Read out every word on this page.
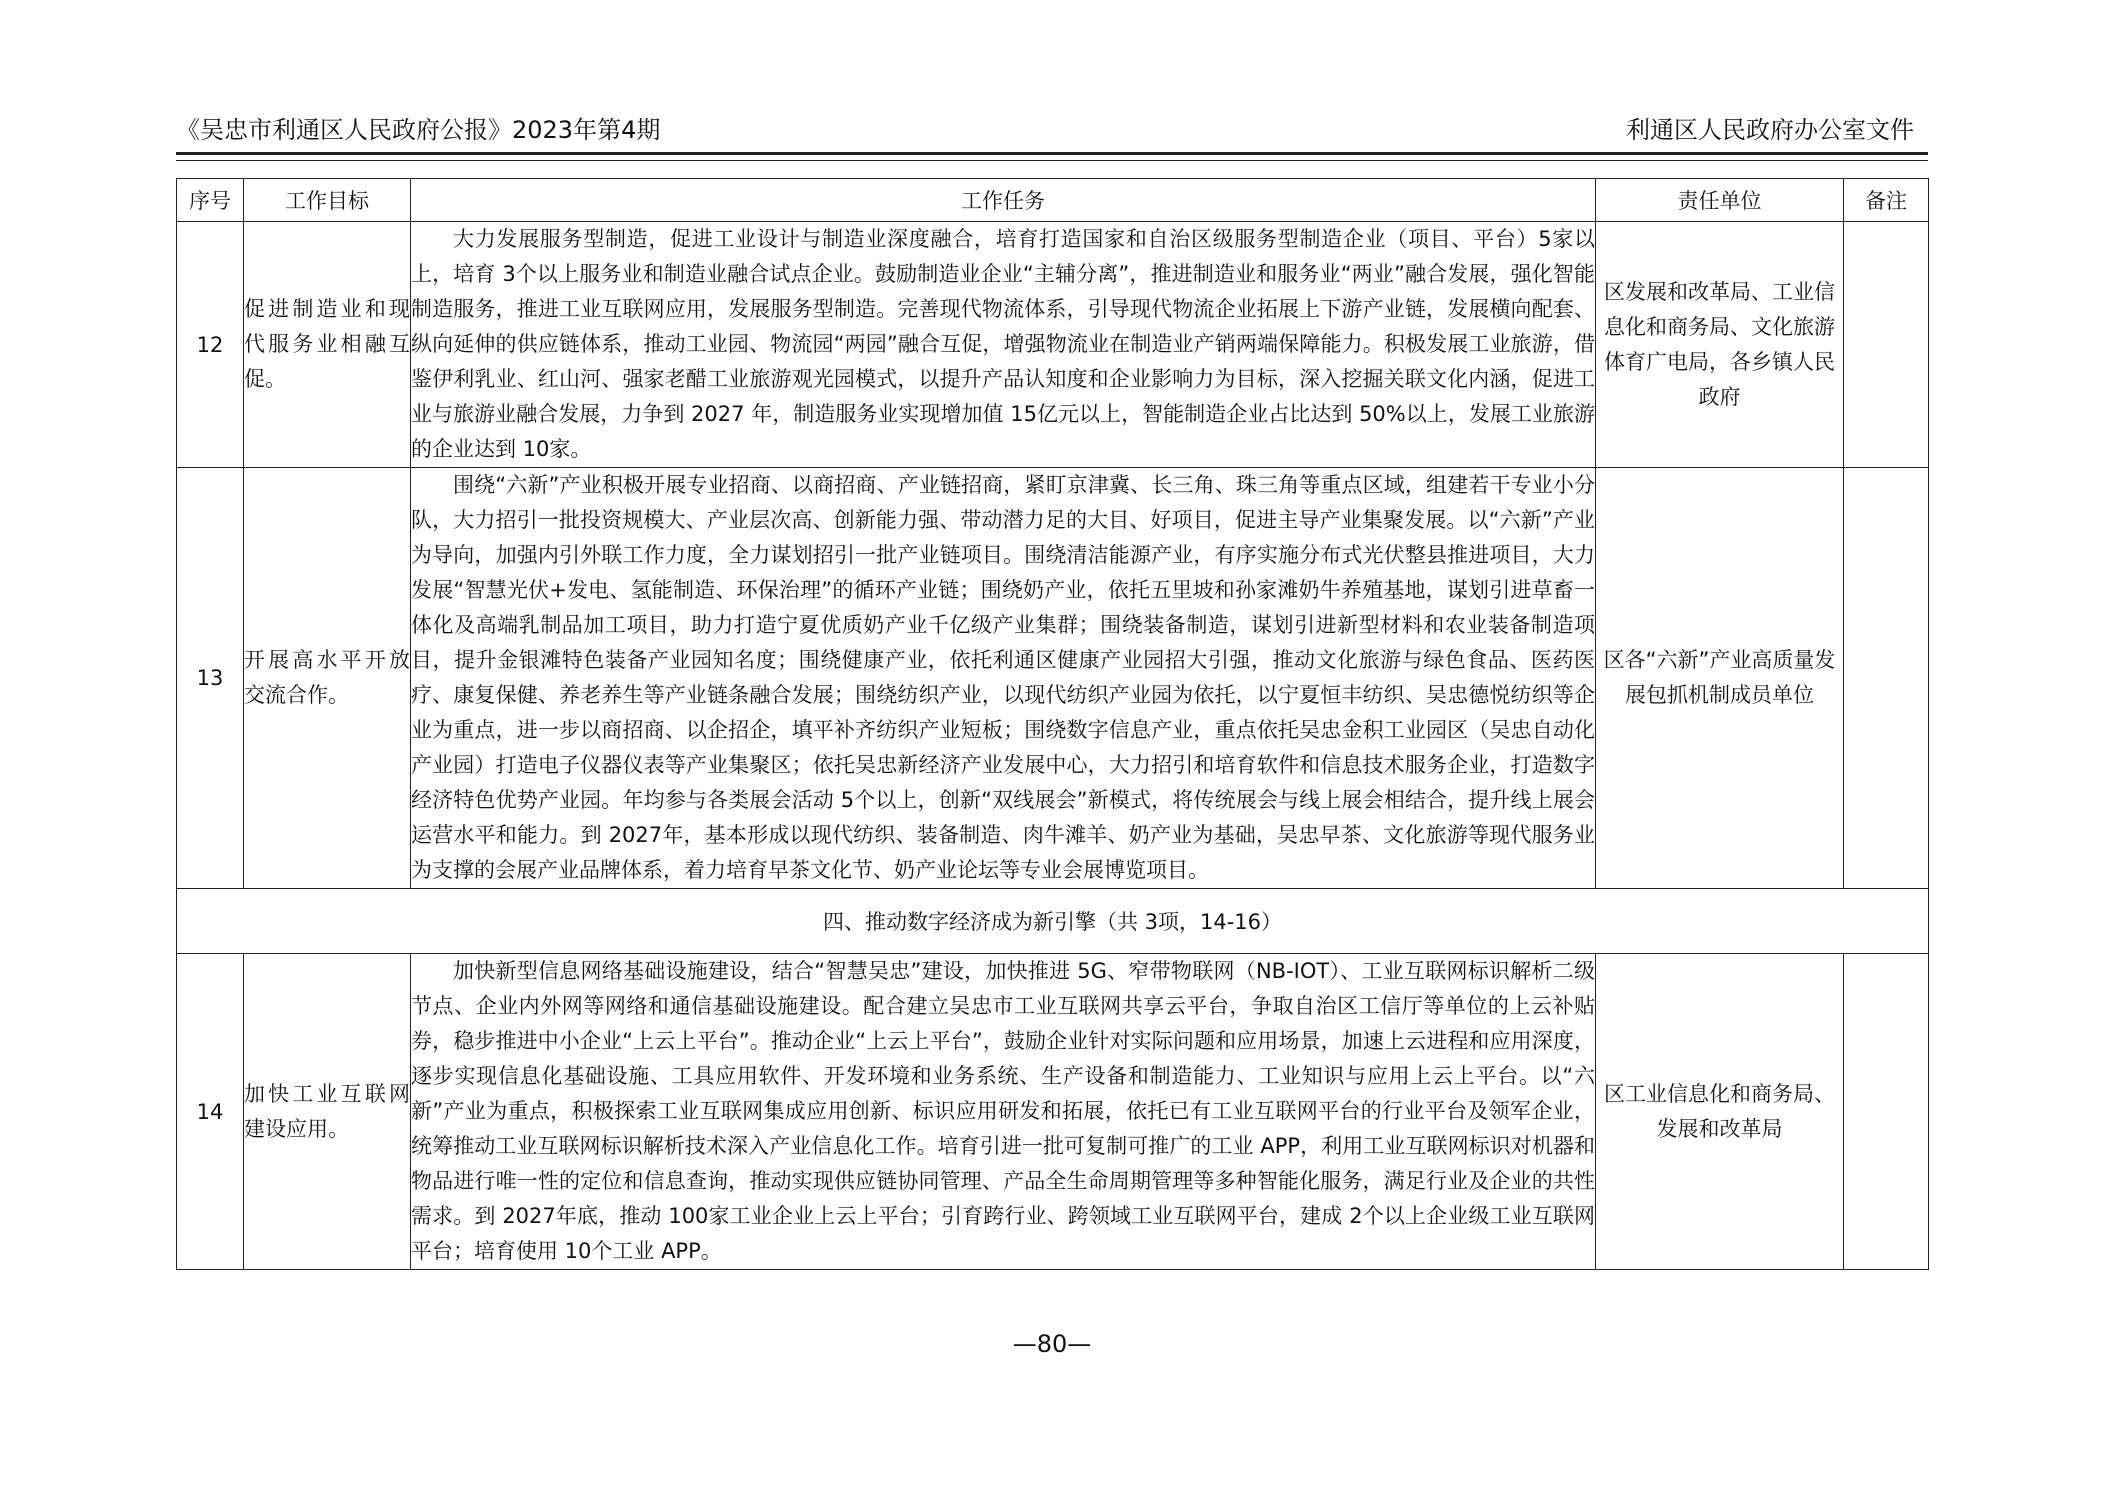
《吴忠市利通区人民政府公报》2023年第4期	利通区人民政府办公室文件
序号	工作目标	工作任务	责任单位	备注
12	促进制造业和现代服务业相融互促。	大力发展服务型制造，促进工业设计与制造业深度融合，培育打造国家和自治区级服务型制造企业（项目、平台）5家以上，培育 3个以上服务业和制造业融合试点企业。鼓励制造业企业“主辅分离”，推进制造业和服务业“两业”融合发展，强化智能制造服务，推进工业互联网应用，发展服务型制造。完善现代物流体系，引导现代物流企业拓展上下游产业链，发展横向配套、纵向延伸的供应链体系，推动工业园、物流园“两园”融合互促，增强物流业在制造业产销两端保障能力。积极发展工业旅游，借鉴伊利乳业、红山河、强家老醋工业旅游观光园模式，以提升产品认知度和企业影响力为目标，深入挖掘关联文化内涵，促进工业与旅游业融合发展，力争到 2027 年，制造服务业实现增加值 15亿元以上，智能制造企业占比达到 50%以上，发展工业旅游的企业达到 10家。	区发展和改革局、工业信息化和商务局、文化旅游体育广电局，各乡镇人民政府	
13	开展高水平开放交流合作。	围绕“六新”产业积极开展专业招商、以商招商、产业链招商，紧盯京津冀、长三角、珠三角等重点区域，组建若干专业小分队，大力招引一批投资规模大、产业层次高、创新能力强、带动潜力足的大目、好项目，促进主导产业集聚发展。以“六新”产业为导向，加强内引外联工作力度，全力谋划招引一批产业链项目。围绕清洁能源产业，有序实施分布式光伏整县推进项目，大力发展“智慧光伏+发电、氢能制造、环保治理”的循环产业链；围绕奶产业，依托五里坡和孙家滩奶牛养殖基地，谋划引进草畜一体化及高端乳制品加工项目，助力打造宁夏优质奶产业千亿级产业集群；围绕装备制造，谋划引进新型材料和农业装备制造项目，提升金银滩特色装备产业园知名度；围绕健康产业，依托利通区健康产业园招大引强，推动文化旅游与绿色食品、医药医疗、康复保健、养老养生等产业链条融合发展；围绕纺织产业，以现代纺织产业园为依托，以宁夏恒丰纺织、吴忠德悦纺织等企业为重点，进一步以商招商、以企招企，填平补齐纺织产业短板；围绕数字信息产业，重点依托吴忠金积工业园区（吴忠自动化产业园）打造电子仪器仪表等产业集聚区；依托吴忠新经济产业发展中心，大力招引和培育软件和信息技术服务企业，打造数字经济特色优势产业园。年均参与各类展会活动 5个以上，创新“双线展会”新模式，将传统展会与线上展会相结合，提升线上展会运营水平和能力。到 2027年，基本形成以现代纺织、装备制造、肉牛滩羊、奶产业为基础，吴忠早茶、文化旅游等现代服务业为支撑的会展产业品牌体系，着力培育早茶文化节、奶产业论坛等专业会展博览项目。	区各“六新”产业高质量发展包抓机制成员单位	
四、推动数字经济成为新引擎（共 3项，14-16）				
14	加快工业互联网建设应用。	加快新型信息网络基础设施建设，结合“智慧吴忠”建设，加快推进 5G、窄带物联网（NB-IOT）、工业互联网标识解析二级节点、企业内外网等网络和通信基础设施建设。配合建立吴忠市工业互联网共享云平台，争取自治区工信厅等单位的上云补贴券，稳步推进中小企业“上云上平台”。推动企业“上云上平台”，鼓励企业针对实际问题和应用场景，加速上云进程和应用深度，逐步实现信息化基础设施、工具应用软件、开发环境和业务系统、生产设备和制造能力、工业知识与应用上云上平台。以“六新”产业为重点，积极探索工业互联网集成应用创新、标识应用研发和拓展，依托已有工业互联网平台的行业平台及领军企业，统筹推动工业互联网标识解析技术深入产业信息化工作。培育引进一批可复制可推广的工业 APP，利用工业互联网标识对机器和物品进行唯一性的定位和信息查询，推动实现供应链协同管理、产品全生命周期管理等多种智能化服务，满足行业及企业的共性需求。到 2027年底，推动 100家工业企业上云上平台；引育跨行业、跨领域工业互联网平台，建成 2个以上企业级工业互联网平台；培育使用 10个工业 APP。	区工业信息化和商务局、发展和改革局	
—80—
